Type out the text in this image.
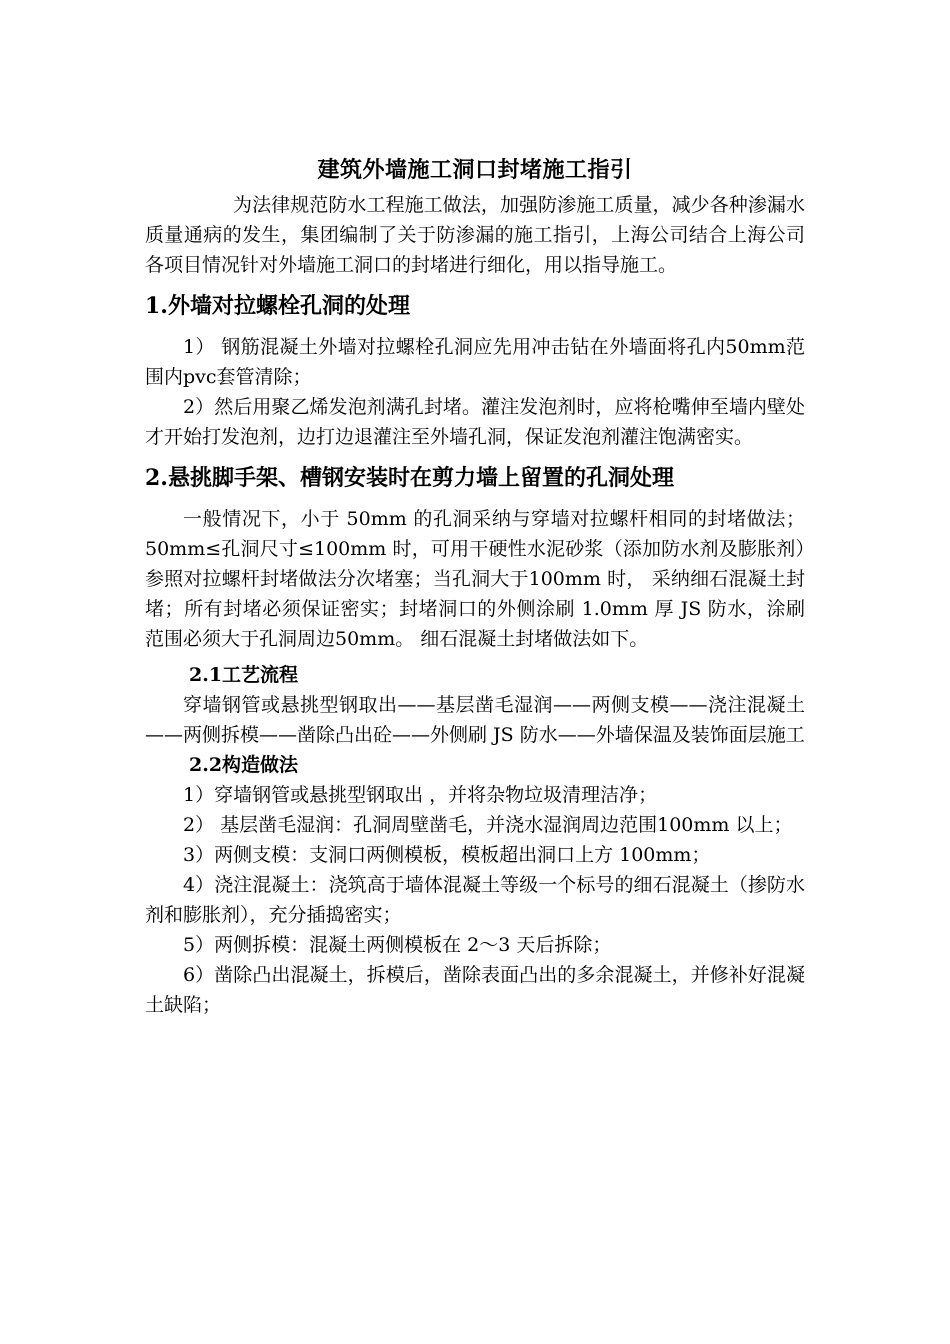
建筑外墙施工洞口封堵施工指引

为法律规范防水工程施工做法，加强防渗施工质量，减少各种渗漏水质量通病的发生，集团编制了关于防渗漏的施工指引，上海公司结合上海公司各项目情况针对外墙施工洞口的封堵进行细化，用以指导施工。

1.外墙对拉螺栓孔洞的处理

1） 钢筋混凝土外墙对拉螺栓孔洞应先用冲击钻在外墙面将孔内50mm范围内pvc套管清除；

2）然后用聚乙烯发泡剂满孔封堵。灌注发泡剂时，应将枪嘴伸至墙内壁处才开始打发泡剂，边打边退灌注至外墙孔洞，保证发泡剂灌注饱满密实。

2.悬挑脚手架、槽钢安装时在剪力墙上留置的孔洞处理

一般情况下，小于 50mm 的孔洞采纳与穿墙对拉螺杆相同的封堵做法；50mm≤孔洞尺寸≤100mm 时，可用干硬性水泥砂浆（添加防水剂及膨胀剂）参照对拉螺杆封堵做法分次堵塞；当孔洞大于100mm 时， 采纳细石混凝土封堵；所有封堵必须保证密实；封堵洞口的外侧涂刷 1.0mm 厚 JS 防水，涂刷范围必须大于孔洞周边50mm。 细石混凝土封堵做法如下。

2.1工艺流程

穿墙钢管或悬挑型钢取出——基层凿毛湿润——两侧支模——浇注混凝土——两侧拆模——凿除凸出砼——外侧刷 JS 防水——外墙保温及装饰面层施工

2.2构造做法

1）穿墙钢管或悬挑型钢取出 ，并将杂物垃圾清理洁净；

2） 基层凿毛湿润：孔洞周壁凿毛，并浇水湿润周边范围100mm 以上；

3）两侧支模：支洞口两侧模板，模板超出洞口上方 100mm；

4）浇注混凝土：浇筑高于墙体混凝土等级一个标号的细石混凝土（掺防水剂和膨胀剂），充分插捣密实；

5）两侧拆模：混凝土两侧模板在 2～3 天后拆除；

6）凿除凸出混凝土，拆模后，凿除表面凸出的多余混凝土，并修补好混凝土缺陷；
